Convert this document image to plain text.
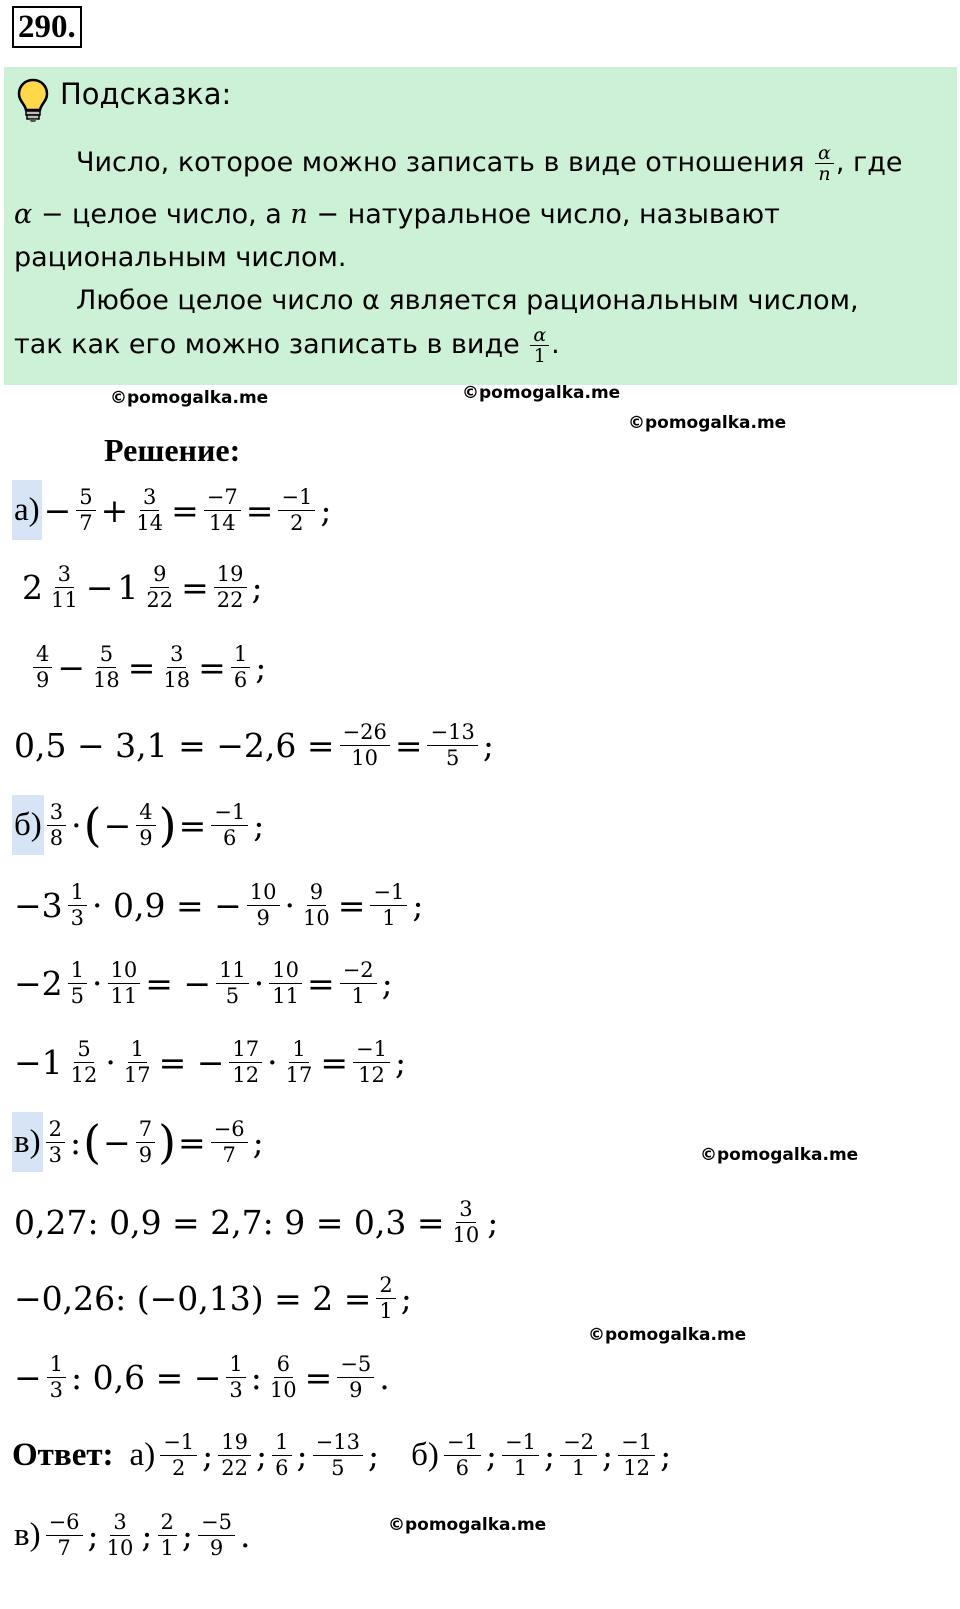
290.
Подсказка:
Число, которое можно записать в виде отношения $\frac{\alpha}{n}$ , где
α − целое число, а n − натуральное число, называют
рациональным числом.
Любое целое число α является рациональным числом,
так как его можно записать в виде $\frac{\alpha}{1}$ .
©pomogalka.me	©pomogalka.me
©pomogalka.me
©pomogalka.me
©pomogalka.me
©pomogalka.me
Решение:
$а) - \frac{5}{7} + \frac{3}{14} = \frac{-7}{14} = \frac{-1}{2}$ ;
2 3
$11 - 1 \frac{9}{22} = \frac{19}{22}$ ;
4
$9 - \frac{5}{18} = \frac{3}{18} = \frac{1}{6}$ ;
$0,5 - 3,1 = -2,6 = \frac{-26}{10} = \frac{-13}{5}$ ;
б) 3
8 · ( − $\frac{4}{9}$ ) = $\frac{-1}{6}$ ;
−3 1
3 · 0,9 = − $\frac{10}{9} \cdot \frac{9}{10} = \frac{-1}{1}$ ;
−2 1
$5 \cdot \frac{10}{11}$ = − $\frac{11}{5} \cdot \frac{10}{11} = \frac{-2}{1}$ ;
−1 5
$12 \cdot \frac{1}{17}$ = − $\frac{17}{12} \cdot \frac{1}{17} = \frac{-1}{12}$ ;
в) 2
3 : ( − $\frac{7}{9}$ ) = $\frac{-6}{7}$ ;
0,27: 0,9 = 2,7: $9 = 0,3 = \frac{3}{10}$ ;
−0,26: $(-0,13) = 2 = \frac{2}{1}$ ;
− $\frac{1}{3}$ : 0,6 = − $\frac{1}{3}$ : $\frac{6}{10} = \frac{-5}{9}$ .
Ответ: а) −1
2 ; 19
22 ; 1
6 ; −13
5 ; б) −1
6 ; −1
1 ; −2
1 ; −1
12 ;
в) −6
7 ; 3
10 ; 2
1 ; −5
9 .
